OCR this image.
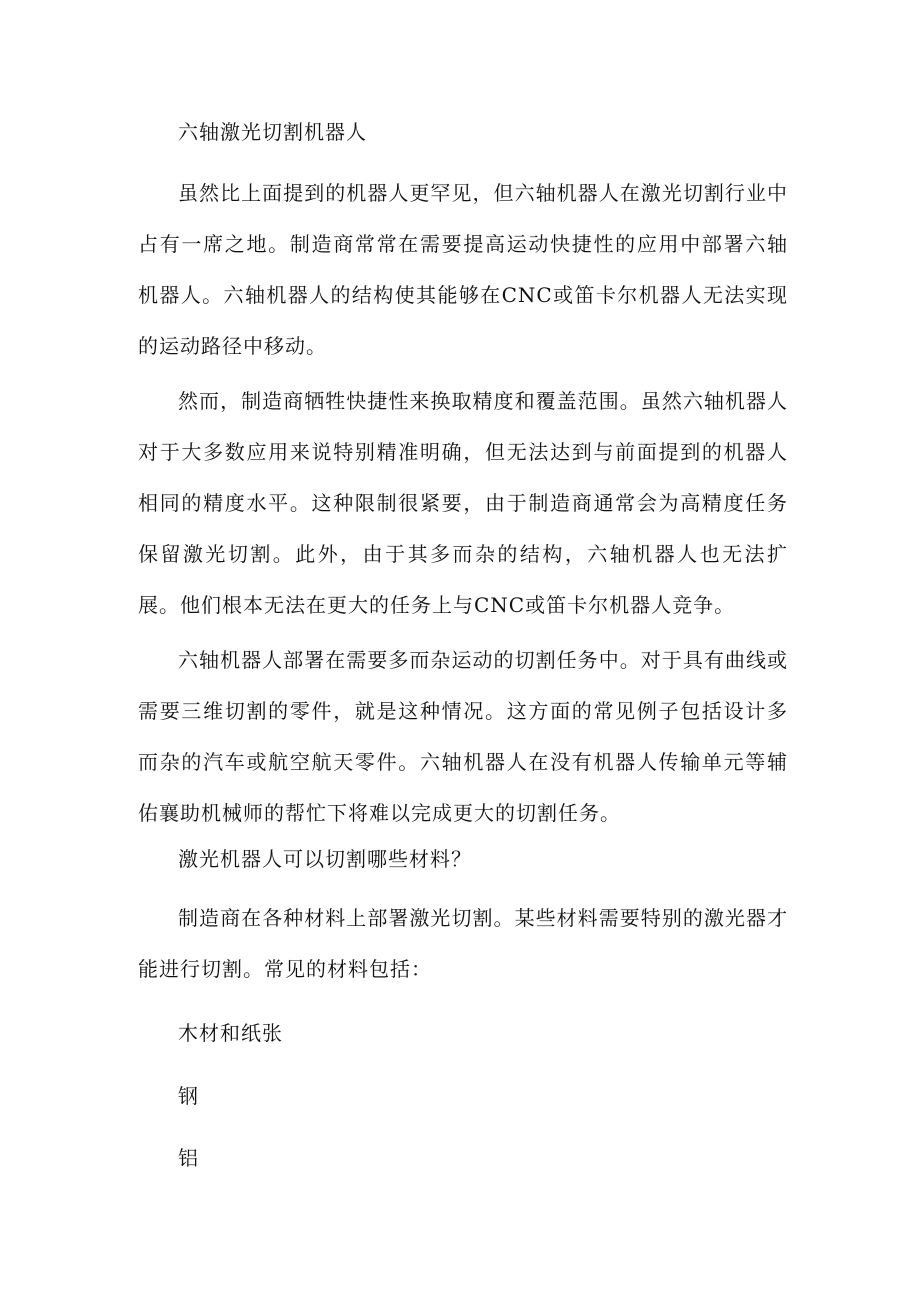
六轴激光切割机器人

虽然比上面提到的机器人更罕见，但六轴机器人在激光切割行业中占有一席之地。制造商常常在需要提高运动快捷性的应用中部署六轴机器人。六轴机器人的结构使其能够在CNC或笛卡尔机器人无法实现的运动路径中移动。

然而，制造商牺牲快捷性来换取精度和覆盖范围。虽然六轴机器人对于大多数应用来说特别精准明确，但无法达到与前面提到的机器人相同的精度水平。这种限制很紧要，由于制造商通常会为高精度任务保留激光切割。此外，由于其多而杂的结构，六轴机器人也无法扩展。他们根本无法在更大的任务上与CNC或笛卡尔机器人竞争。

六轴机器人部署在需要多而杂运动的切割任务中。对于具有曲线或需要三维切割的零件，就是这种情况。这方面的常见例子包括设计多而杂的汽车或航空航天零件。六轴机器人在没有机器人传输单元等辅佑襄助机械师的帮忙下将难以完成更大的切割任务。

激光机器人可以切割哪些材料？

制造商在各种材料上部署激光切割。某些材料需要特别的激光器才能进行切割。常见的材料包括：

木材和纸张
钢
铝
